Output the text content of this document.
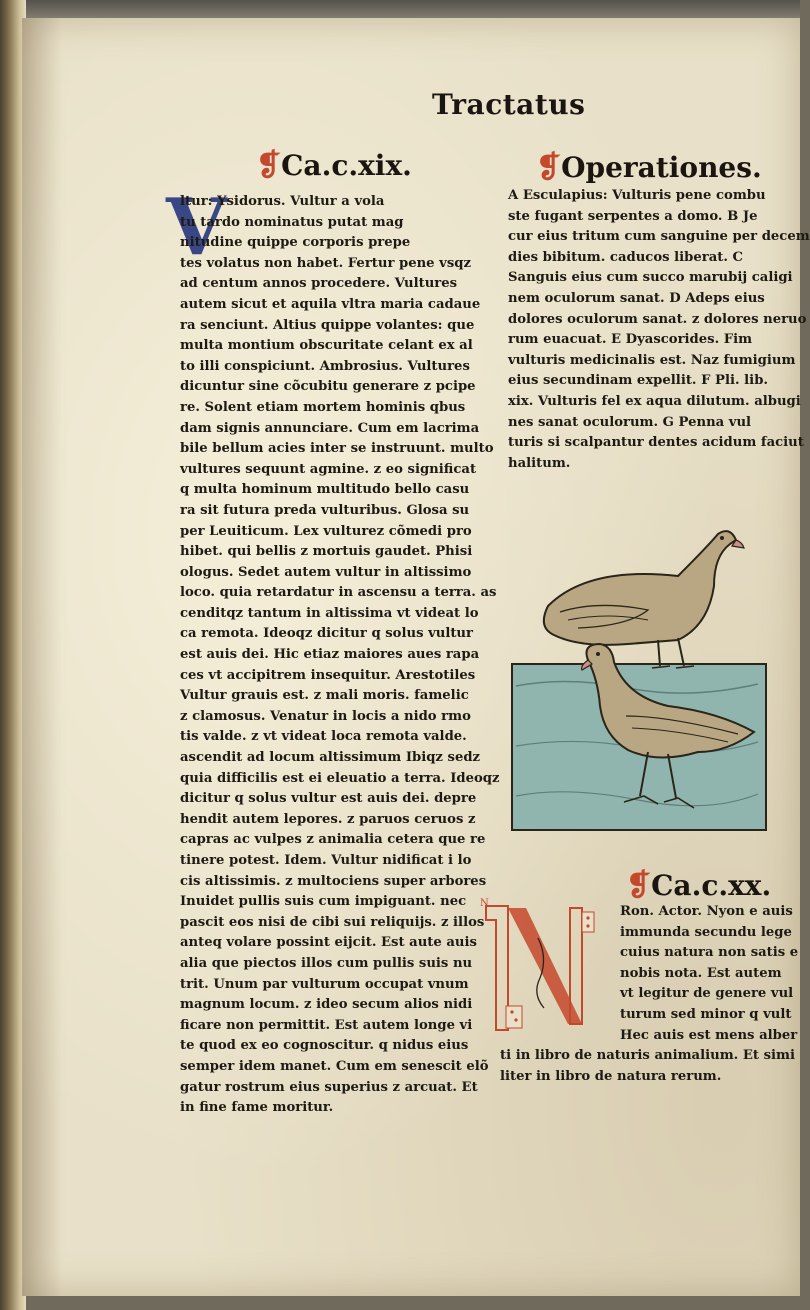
Tractatus
❡Ca.c.xix.
V
ltur: Ysidorus. Vultur a vola
tu tardo nominatus putat mag
nitudine quippe corporis prepe
tes volatus non habet. Fertur pene vsqz
ad centum annos procedere. Vultures
autem sicut et aquila vltra maria cadaue
ra senciunt. Altius quippe volantes: que
multa montium obscuritate celant ex al
to illi conspiciunt. Ambrosius. Vultures
dicuntur sine cõcubitu generare z pcipe
re. Solent etiam mortem hominis qbus
dam signis annunciare. Cum em lacrima
bile bellum acies inter se instruunt. multo
vultures sequunt agmine. z eo significat
q multa hominum multitudo bello casu
ra sit futura preda vulturibus. Glosa su
per Leuiticum. Lex vulturez cõmedi pro
hibet. qui bellis z mortuis gaudet. Phisi
ologus. Sedet autem vultur in altissimo
loco. quia retardatur in ascensu a terra. as
cenditqz tantum in altissima vt videat lo
ca remota. Ideoqz dicitur q solus vultur
est auis dei. Hic etiaz maiores aues rapa
ces vt accipitrem insequitur. Arestotiles
Vultur grauis est. z mali moris. famelic
z clamosus. Venatur in locis a nido rmo
tis valde. z vt videat loca remota valde.
ascendit ad locum altissimum Ibiqz sedz
quia difficilis est ei eleuatio a terra. Ideoqz
dicitur q solus vultur est auis dei. depre
hendit autem lepores. z paruos ceruos z
capras ac vulpes z animalia cetera que re
tinere potest. Idem. Vultur nidificat i lo
cis altissimis. z multociens super arbores
Inuidet pullis suis cum impiguant. nec
pascit eos nisi de cibi sui reliquijs. z illos
anteq volare possint eijcit. Est aute auis
alia que piectos illos cum pullis suis nu
trit. Unum par vulturum occupat vnum
magnum locum. z ideo secum alios nidi
ficare non permittit. Est autem longe vi
te quod ex eo cognoscitur. q nidus eius
semper idem manet. Cum em senescit elõ
gatur rostrum eius superius z arcuat. Et
in fine fame moritur.
❡Operationes.
A Esculapius: Vulturis pene combu
ste fugant serpentes a domo. B Je
cur eius tritum cum sanguine per decem
dies bibitum. caducos liberat. C
Sanguis eius cum succo marubij caligi
nem oculorum sanat. D Adeps eius
dolores oculorum sanat. z dolores neruo
rum euacuat. E Dyascorides. Fim
vulturis medicinalis est. Naz fumigium
eius secundinam expellit. F Pli. lib.
xix. Vulturis fel ex aqua dilutum. albugi
nes sanat oculorum. G Penna vul
turis si scalpantur dentes acidum faciut
halitum.
❡Ca.c.xx.
N
Ron. Actor. Nyon e auis
immunda secundu lege
cuius natura non satis e
nobis nota. Est autem
vt legitur de genere vul
turum sed minor q vult
Hec auis est mens alber
ti in libro de naturis animalium. Et simi
liter in libro de natura rerum.
